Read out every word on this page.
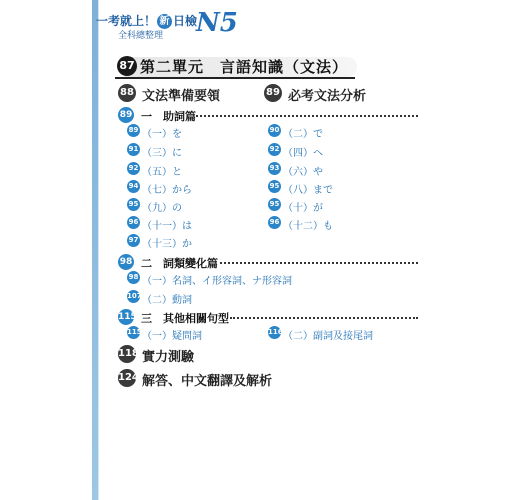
一考就上！ 新 日檢
全科總整理 N5
87 第二單元　言語知識（文法）
88 文法準備要領	89 必考文法分析
89 一　助詞篇
89 （一）を	90 （二）で
91 （三）に	92 （四）へ
92 （五）と	93 （六）や
94 （七）から	95 （八）まで
95 （九）の	95 （十）が
96 （十一）は	96 （十二）も
97 （十三）か
98 二　詞類變化篇
98 （一）名詞、イ形容詞、ナ形容詞
107 （二）動詞
115 三　其他相關句型
115 （一）疑問詞	116 （二）副詞及接尾詞
118 實力測驗
124 解答、中文翻譯及解析
